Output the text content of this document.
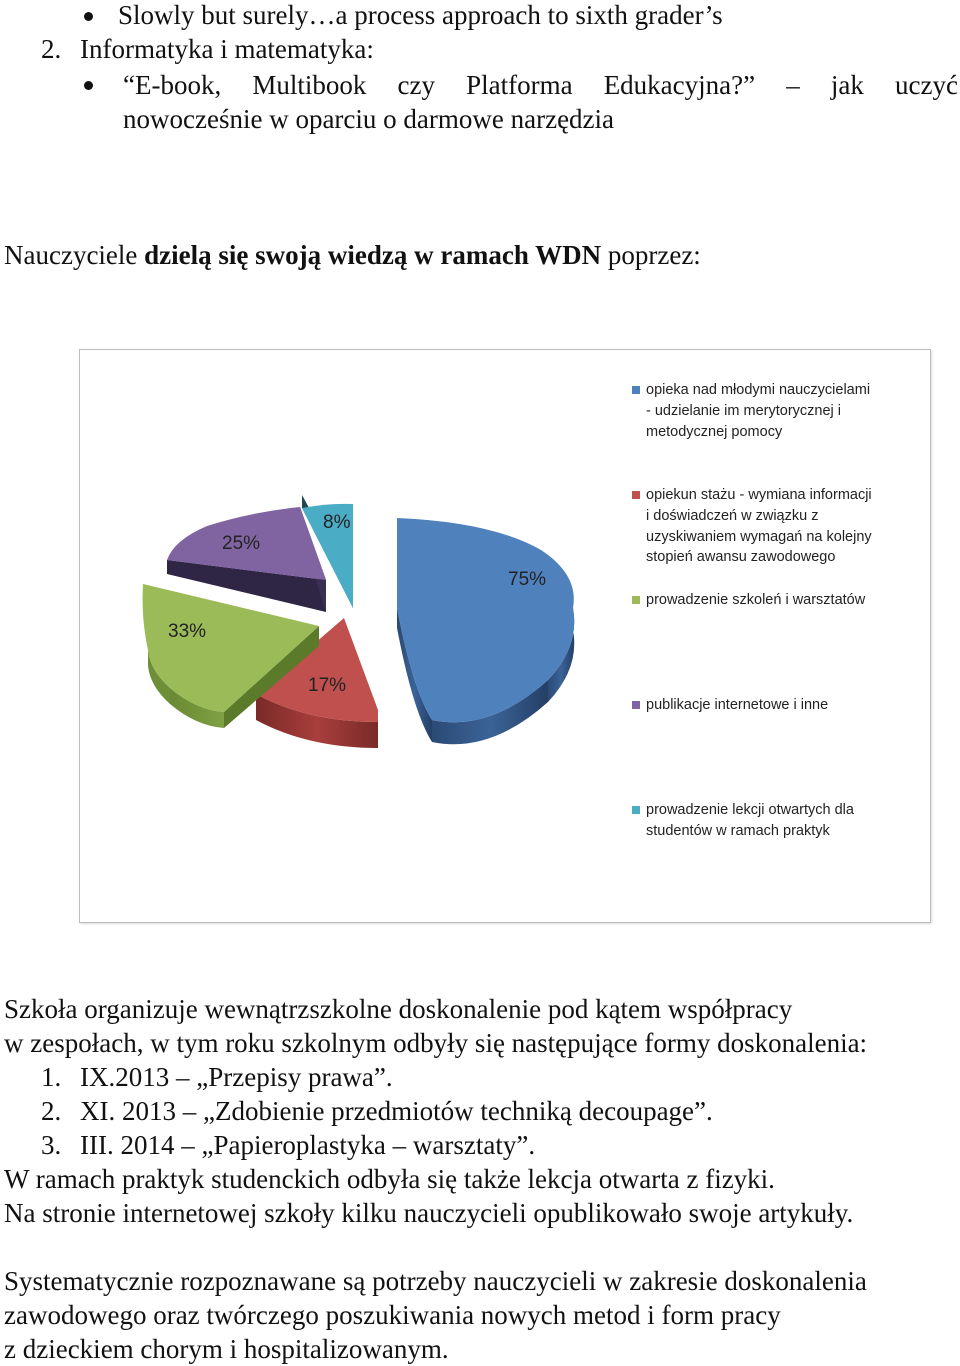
Slowly but surely…a process approach to sixth grader’s
2. Informatyka i matematyka:
“E-book, Multibook czy Platforma Edukacyjna?” – jak uczyć
nowocześnie w oparciu o darmowe narzędzia
Nauczyciele dzielą się swoją wiedzą w ramach WDN poprzez:
75%
17%
33%
25%
8%
opieka nad młodymi nauczycielami - udzielanie im merytorycznej i metodycznej pomocy
opiekun stażu - wymiana informacji i doświadczeń w związku z uzyskiwaniem wymagań na kolejny stopień awansu zawodowego
prowadzenie szkoleń i warsztatów
publikacje internetowe i inne
prowadzenie lekcji otwartych dla studentów w ramach praktyk
Szkoła organizuje wewnątrzszkolne doskonalenie pod kątem współpracy
w zespołach, w tym roku szkolnym odbyły się następujące formy doskonalenia:
1. IX.2013 – „Przepisy prawa”.
2. XI. 2013 – „Zdobienie przedmiotów techniką decoupage”.
3. III. 2014 – „Papieroplastyka – warsztaty”.
W ramach praktyk studenckich odbyła się także lekcja otwarta z fizyki.
Na stronie internetowej szkoły kilku nauczycieli opublikowało swoje artykuły.
Systematycznie rozpoznawane są potrzeby nauczycieli w zakresie doskonalenia
zawodowego oraz twórczego poszukiwania nowych metod i form pracy
z dzieckiem chorym i hospitalizowanym.
